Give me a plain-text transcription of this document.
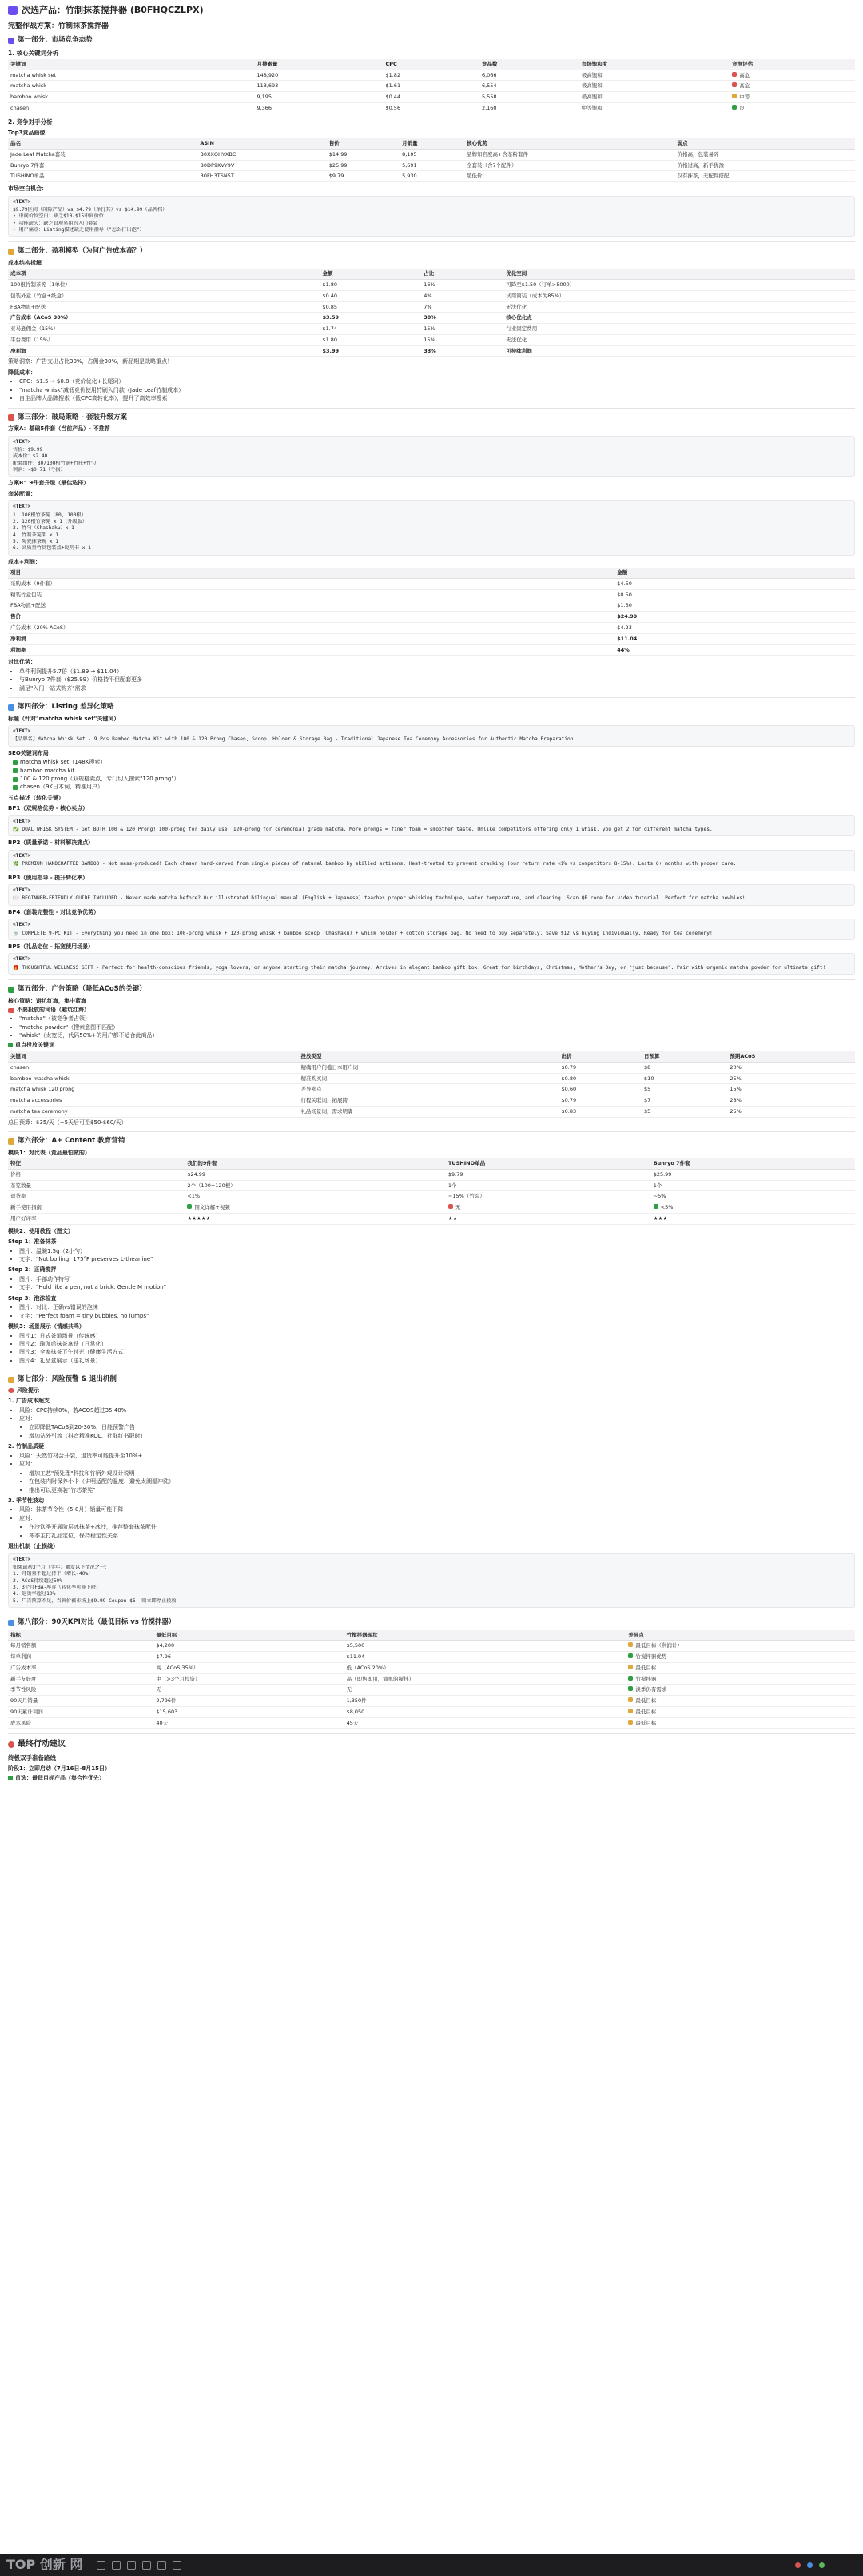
次选产品：竹制抹茶搅拌器 (B0FHQCZLPX)
完整作战方案：竹制抹茶搅拌器
第一部分：市场竞争态势
1. 核心关键词分析
关键词	月搜索量	CPC	竞品数	市场饱和度	竞争评估
matcha whisk set	148,920	$1.82	6,066	极高饱和	高危
matcha whisk	113,693	$1.61	6,554	极高饱和	高危
bamboo whisk	9,195	$0.44	5,558	极高饱和	中等
chasen	9,366	$0.56	2,160	中等饱和	良
2. 竞争对手分析
Top3竞品画像
品名	ASIN	售价	月销量	核心优势	弱点
Jade Leaf Matcha套装	B0XXQHYXBC	$14.99	8,105	品牌知名度高+含茶粉套件	价格高，包装易碎
Bunryo 7件套	B0DP9KVY9V	$25.99	5,691	全套装（含7个配件）	价格过高，新手犹豫
TUSHINO单品	B0FH3TSN5T	$9.79	5,930	超低价	仅有抹茶，无配件搭配
市场空白机会：
<TEXT>
$9.79区间（国际产品）vs $4.79（单打其）vs $14.99（品牌档）
• 中间价位空白：缺乏$10-$15中间价位
• 功能缺失：缺乏直观易用的入门套装
• 用户痛点：Listing描述缺乏使用指导（"怎么打出泡"）
第二部分：盈利模型（为何广告成本高？）
成本结构拆解
成本项	金额	占比	优化空间
100根竹制茶筅（1单位）	$1.80	16%	可降至$1.50（订单>5000）
包装外盒（竹盒+纸盒）	$0.40	4%	试用简装（成本为85%）
FBA物流+配送	$0.85	7%	无法优化
广告成本（ACoS 30%）	$3.59	30%	核心优化点
亚马逊佣金（15%）	$1.74	15%	行业固定费用
平台费用（15%）	$1.80	15%	无法优化
净利润	$3.99	33%	可持续利润

策略洞察：广告支出占比30%，占佣金30%，新品期是战略重点！

降低成本：
• CPC：$1.5 → $0.8（竞价优化+长尾词）
• "matcha whisk"减低竞价使用竹刷入门款（Jade Leaf竹制成本）
• 自主品牌大品牌搜索（低CPC高转化率），提升了高效率搜索
第三部分：破局策略 - 套装升级方案
方案A：基础5件套（当前产品）- 不推荐
<TEXT>
售价：$9.99
成本价：$2.40
配套组件：80/100根竹刷+竹托+竹勺
利润：-$0.71（亏损）
方案B：9件套升级（最佳选择）
套装配置：
<TEXT>
1. 100根竹茶筅（80, 100根）
2. 120根竹茶筅 x 1（升级版）
3. 竹勺（Chashaku）x 1
4. 竹制茶筅架 x 1
5. 陶瓷抹茶碗 x 1
6. 高质量竹制包装盒+说明书 x 1
成本+利润：
项目	金额
采购成本（9件套）	$4.50
精装竹盒包装	$0.50
FBA物流+配送	$1.30
售价	$24.99
广告成本（20% ACoS）	$4.23
净利润	$11.04
利润率	44%
对比优势：
• 单件利润提升5.7倍（$1.89 → $11.04）
• 与Bunryo 7件套（$25.99）价格持平但配套更多
• 满足"入门一站式购齐"需求
第四部分：Listing 差异化策略
标题（针对"matcha whisk set"关键词）
<TEXT>
【品牌名】Matcha Whisk Set - 9 Pcs Bamboo Matcha Kit with 100 & 120 Prong Chasen, Scoop, Holder & Storage Bag - Traditional Japanese Tea Ceremony Accessories for Authentic Matcha Preparation
SEO关键词布局：
matcha whisk set（148K搜索）
bamboo matcha kit
100 & 120 prong（双规格卖点，专门切入搜索"120 prong"）
chasen（9K日本词，精准用户）
五点描述（转化关键）
BP1（双规格优势 - 核心卖点）
<TEXT>
✅ DUAL WHISK SYSTEM - Get BOTH 100 & 120 Prong! 100-prong for daily use, 120-prong for ceremonial grade matcha. More prongs = finer foam = smoother taste. Unlike competitors offering only 1 whisk, you get 2 for different matcha types.
BP2（质量承诺 - 材料解决痛点）
<TEXT>
🌿 PREMIUM HANDCRAFTED BAMBOO - Not mass-produced! Each chasen hand-carved from single pieces of natural bamboo by skilled artisans. Heat-treated to prevent cracking (our return rate <1% vs competitors 8-15%). Lasts 6+ months with proper care.
BP3（使用指导 - 提升转化率）
<TEXT>
📖 BEGINNER-FRIENDLY GUIDE INCLUDED - Never made matcha before? Our illustrated bilingual manual (English + Japanese) teaches proper whisking technique, water temperature, and cleaning. Scan QR code for video tutorial. Perfect for matcha newbies!
BP4（套装完整性 - 对比竞争优势）
<TEXT>
🍵 COMPLETE 9-PC KIT - Everything you need in one box: 100-prong whisk + 120-prong whisk + bamboo scoop (Chashaku) + whisk holder + cotton storage bag. No need to buy separately. Save $12 vs buying individually. Ready for tea ceremony!
BP5（礼品定位 - 拓宽使用场景）
<TEXT>
🎁 THOUGHTFUL WELLNESS GIFT - Perfect for health-conscious friends, yoga lovers, or anyone starting their matcha journey. Arrives in elegant bamboo gift box. Great for birthdays, Christmas, Mother's Day, or "just because". Pair with organic matcha powder for ultimate gift!
第五部分：广告策略（降低ACoS的关键）
核心策略：避坑红海，集中蓝海
不要投放的词语（避坑红海）
• "matcha"（被竞争者占领）
• "matcha powder"（搜索意图不匹配）
• "whisk"（太宽泛，代码50%+的用户都不适合此商品）
重点投放关键词
关键词	投放类型	出价	日预算	预期ACoS
chasen	精确用户门槛日本用户词	$0.79	$8	20%
bamboo matcha whisk	精准购买词	$0.80	$10	25%
matcha whisk 120 prong	差异卖点	$0.60	$5	15%
matcha accessories	行程关联词，拓展跨	$0.79	$7	28%
matcha tea ceremony	礼品场景词，需求明确	$0.83	$5	25%

总日预算：$35/天（+5天后可至$50-$60/天）

第六部分：A+ Content 教育营销
模块1：对比表（竞品最怕做的）
特征	我们的9件套	TUSHINO单品	Bunryo 7件套
价格	$24.99	$9.79	$25.99
茶筅数量	2个（100+120根）	1个	1个
退货率	<1%	~15%（竹裂）	~5%
新手使用指南	图文详解+视频	无	<5%
用户好评率	★★★★★	★★	★★★
模块2：使用教程（图文）
Step 1：准备抹茶
• 图片：温碗1.5g（2小勺）
• 文字："Not boiling! 175°F preserves L-theanine"
Step 2：正确搅拌
• 图片：手部动作特写
• 文字："Hold like a pen, not a brick. Gentle M motion"
Step 3：泡沫检查
• 图片：对比：正确vs错误的泡沫
• 文字："Perfect foam = tiny bubbles, no lumps"
模块3：场景展示（情感共鸣）
• 图片1：日式茶道场景（传统感）
• 图片2：瑜伽后抹茶拿铁（日常化）
• 图片3：全家抹茶下午时光（健康生活方式）
• 图片4：礼品盒展示（送礼场景）
第七部分：风险预警 & 退出机制
风险提示
1. 广告成本超支
• 风险：CPC持续0%，若ACOS超过35.40%
• 应对：
• 立即降低TACoS到20-30%，日能预警广告
• 增加站外引流（抖音精准KOL、社群红书限时）
2. 竹制品质疑
• 风险：天然竹材会开裂，退货率可能提升至10%+
• 应对：
• 增加工艺"预处理"科技和竹柄外观设计说明
• 在包装内附保养小卡（讲明适配的温度、避免太潮湿冲洗）
• 推出可以更换装"竹芯茶筅"
3. 季节性波动
• 风险：抹茶节令性（5-8月）销量可能下降
• 应对：
• 在冷饮季开展阶层冰抹茶+冰沙，推荐整套抹茶配件
• 冬季主打礼品定位，保持稳定性关系
退出机制（止损线）
<TEXT>
如果最初3个月（半年）触发以下情况之一：
1. 月销量不超过持平（增长-40%）
2. ACoS持续超过50%
3. 3个月FBA-库存（转化率可能下降）
4. 退货率超过10%
5. 广告预算不足，当售价被市场上$9.99 Coupon $5, 则立即停止投放
第八部分：90天KPI对比（最低目标 vs 竹搅拌器）
指标	最低目标	竹搅拌器现状	差异点
每月销售额	$4,200	$5,500	最低目标（利润计）
每单利润	$7.96	$11.04	竹搅拌器优势
广告成本率	高（ACoS 35%）	低（ACoS 20%）	最低目标
新手友好度	中（>3个月投资）	高（即售即用，简单的搅拌）	竹搅拌器
季节性风险	无	无	淡季仍有需求
90天月销量	2,796件	1,350件	最低目标
90天累计利润	$15,603	$8,050	最低目标
成本风险	40天	45天	最低目标
最终行动建议
终极双手准备路线
阶段1：立即启动（7月16日-8月15日）
首选：最低目标产品（集合性优先）
TOP 创新 网
